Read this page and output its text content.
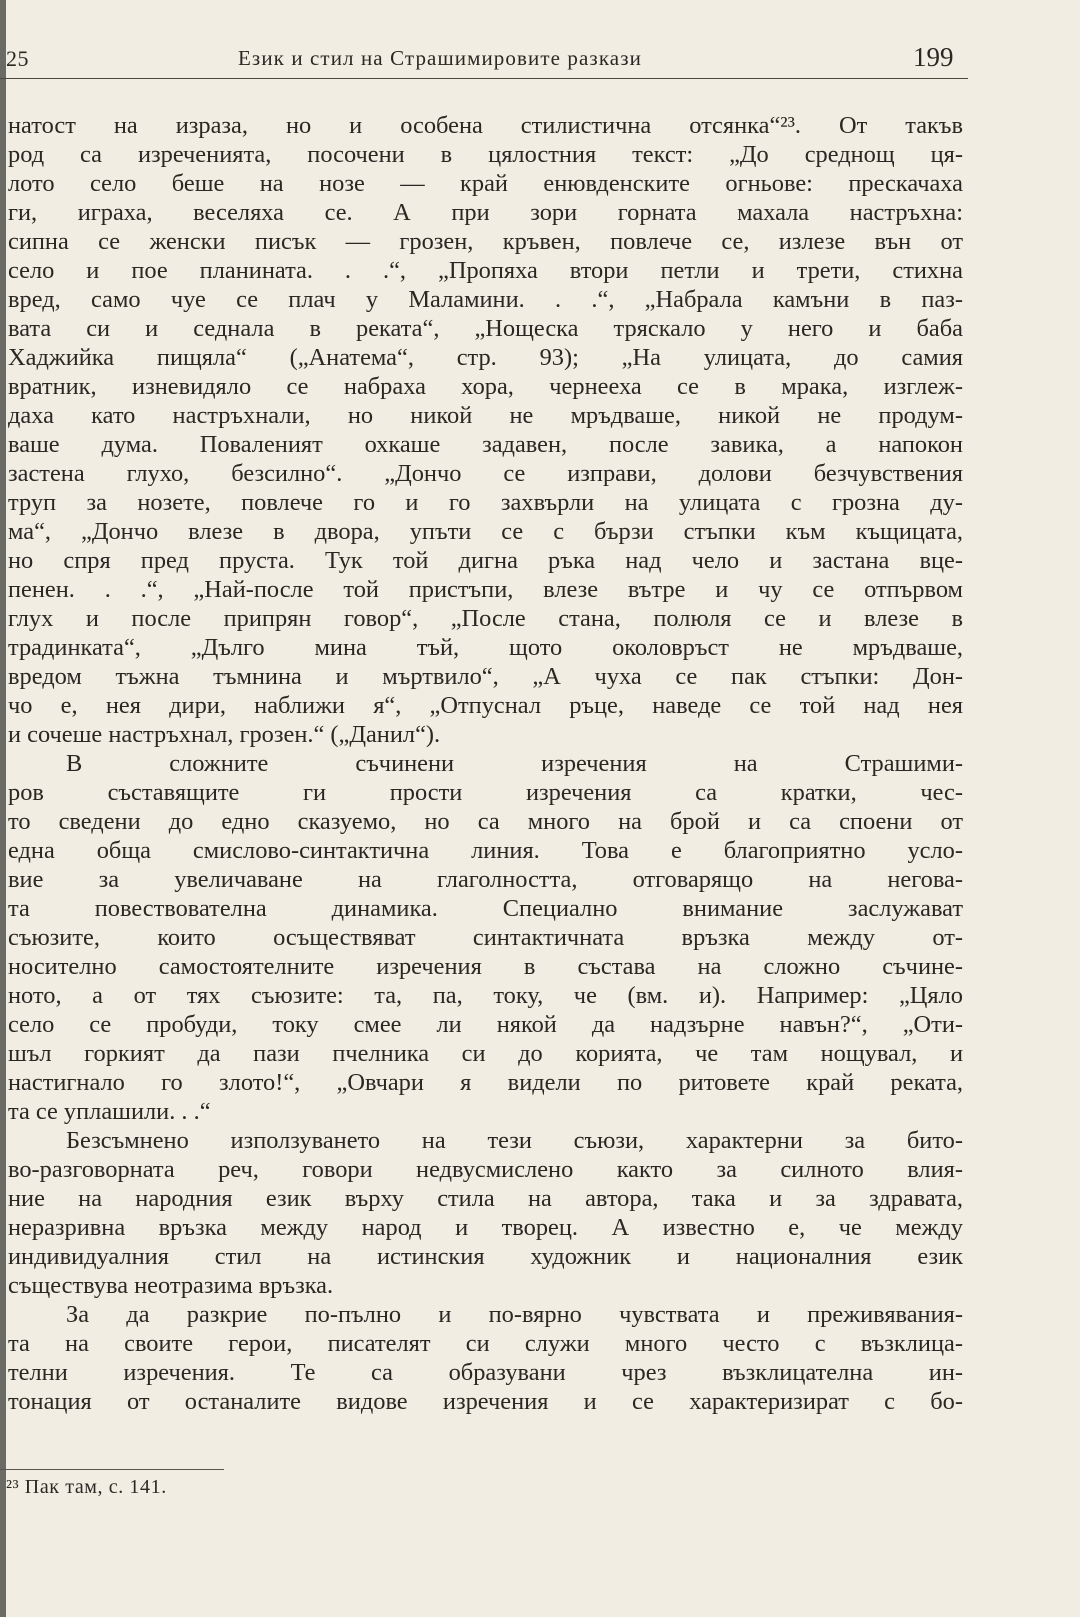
25	Език и стил на Страшимировите разкази	199
натост на израза, но и особена стилистична отсянка“²³. От такъв
род са изреченията, посочени в цялостния текст: „До среднощ ця-
лото село беше на нозе — край енювденските огньове: прескачаха
ги, играха, веселяха се. А при зори горната махала настръхна:
сипна се женски писък — грозен, кръвен, повлече се, излезе вън от
село и пое планината. . .“, „Пропяха втори петли и трети, стихна
вред, само чуе се плач у Маламини. . .“, „Набрала камъни в паз-
вата си и седнала в реката“, „Нощеска тряскало у него и баба
Хаджийка пищяла“ („Анатема“, стр. 93); „На улицата, до самия
вратник, изневидяло се набраха хора, чернееха се в мрака, изглеж-
даха като настръхнали, но никой не мръдваше, никой не продум-
ваше дума. Поваленият охкаше задавен, после завика, а напокон
застена глухо, безсилно“. „Дончо се изправи, долови безчувствения
труп за нозете, повлече го и го захвърли на улицата с грозна ду-
ма“, „Дончо влезе в двора, упъти се с бързи стъпки към къщицата,
но спря пред пруста. Тук той дигна ръка над чело и застана вце-
пенен. . .“, „Най-после той пристъпи, влезе вътре и чу се отпървом
глух и после припрян говор“, „После стана, полюля се и влезе в
традинката“, „Дълго мина тъй, щото околовръст не мръдваше,
вредом тъжна тъмнина и мъртвило“, „А чуха се пак стъпки: Дон-
чо е, нея дири, наближи я“, „Отпуснал ръце, наведе се той над нея
и сочеше настръхнал, грозен.“ („Данил“).
В сложните съчинени изречения на Страшими-
ров съставящите ги прости изречения са кратки, чес-
то сведени до едно сказуемо, но са много на брой и са споени от
една обща смислово-синтактична линия. Това е благоприятно усло-
вие за увеличаване на глаголността, отговарящо на негова-
та повествователна динамика. Специално внимание заслужават
съюзите, които осъществяват синтактичната връзка между от-
носително самостоятелните изречения в състава на сложно съчине-
ното, а от тях съюзите: та, па, току, че (вм. и). Например: „Цяло
село се пробуди, току смее ли някой да надзърне навън?“, „Оти-
шъл горкият да пази пчелника си до корията, че там нощувал, и
настигнало го злото!“, „Овчари я видели по ритовете край реката,
та се уплашили. . .“
Безсъмнено използуването на тези съюзи, характерни за бито-
во-разговорната реч, говори недвусмислено както за силното влия-
ние на народния език върху стила на автора, така и за здравата,
неразривна връзка между народ и творец. А известно е, че между
индивидуалния стил на истинския художник и националния език
съществува неотразима връзка.
За да разкрие по-пълно и по-вярно чувствата и преживявания-
та на своите герои, писателят си служи много често с възклица-
телни изречения. Те са образувани чрез възклицателна ин-
тонация от останалите видове изречения и се характеризират с бо-
²³ Пак там, с. 141.
